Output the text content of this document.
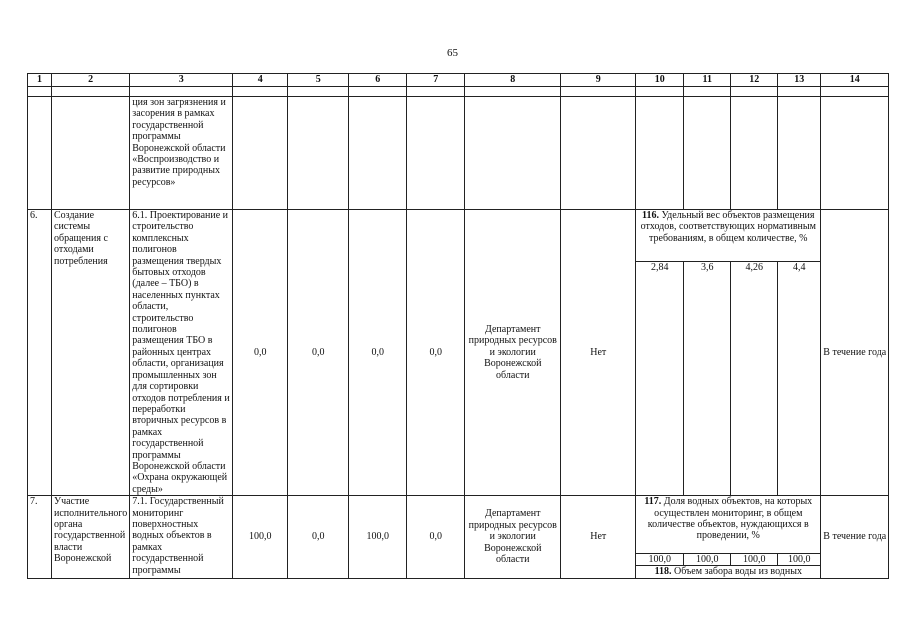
65
1	2	3	4	5	6	7	8	9	10	11	12	13	14

		ция зон загрязнения и засорения в рамках государственной программы Воронежской области «Воспроизводство и развитие природных ресурсов»											
6.	Создание системы обращения с отходами потребления	6.1. Проектирование и строительство комплексных полигонов размещения твердых бытовых отходов (далее – ТБО) в населенных пунктах области, строительство полигонов размещения ТБО в районных центрах области, организация промышленных зон для сортировки отходов потребления и переработки вторичных ресурсов в рамках государственной программы Воронежской области «Охрана окружающей среды»	0,0	0,0	0,0	0,0	Департамент природных ресурсов и экологии Воронежской области	Нет	116. Удельный вес объектов размещения отходов, соответствующих нормативным требованиям, в общем количестве, %				В течение года
									2,84	3,6	4,26	4,4	
7.	Участие исполнительного органа государственной власти Воронежской	7.1. Государственный мониторинг поверхностных водных объектов в рамках государственной программы	100,0	0,0	100,0	0,0	Департамент природных ресурсов и экологии Воронежской области	Нет	117. Доля водных объектов, на которых осуществлен мониторинг, в общем количестве объектов, нуждающихся в проведении, %				В течение года
									100,0	100,0	100,0	100,0	
									118. Объем забора воды из водных				
